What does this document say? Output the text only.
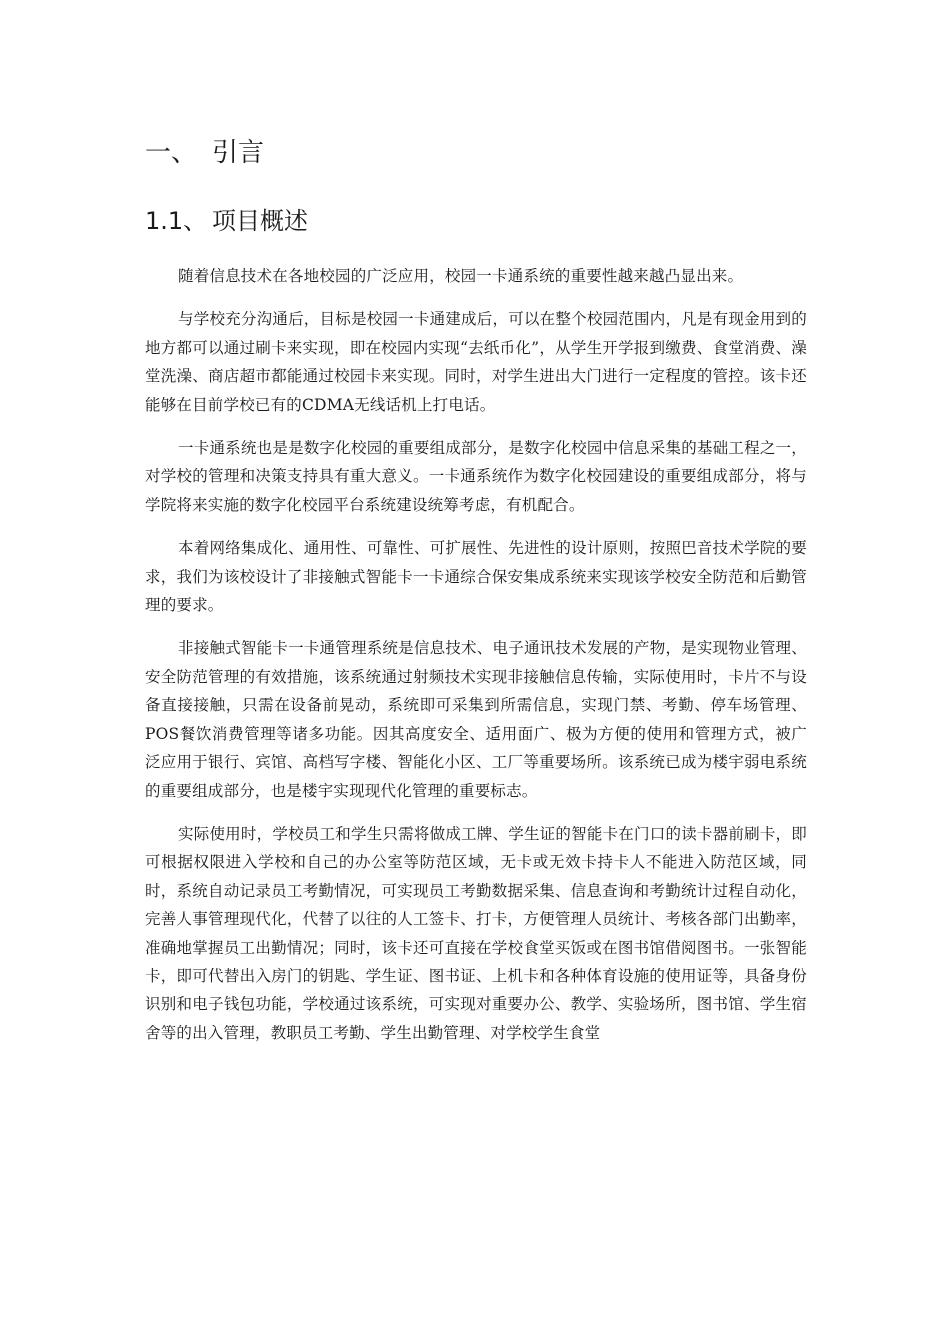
一、 引言
1.1、 项目概述

随着信息技术在各地校园的广泛应用，校园一卡通系统的重要性越来越凸显出来。

与学校充分沟通后，目标是校园一卡通建成后，可以在整个校园范围内，凡是有现金用到的地方都可以通过刷卡来实现，即在校园内实现“去纸币化”，从学生开学报到缴费、食堂消费、澡堂洗澡、商店超市都能通过校园卡来实现。同时，对学生进出大门进行一定程度的管控。该卡还能够在目前学校已有的CDMA无线话机上打电话。

一卡通系统也是是数字化校园的重要组成部分，是数字化校园中信息采集的基础工程之一，对学校的管理和决策支持具有重大意义。一卡通系统作为数字化校园建设的重要组成部分，将与学院将来实施的数字化校园平台系统建设统筹考虑，有机配合。

本着网络集成化、通用性、可靠性、可扩展性、先进性的设计原则，按照巴音技术学院的要求，我们为该校设计了非接触式智能卡一卡通综合保安集成系统来实现该学校安全防范和后勤管理的要求。

非接触式智能卡一卡通管理系统是信息技术、电子通讯技术发展的产物，是实现物业管理、安全防范管理的有效措施，该系统通过射频技术实现非接触信息传输，实际使用时，卡片不与设备直接接触，只需在设备前晃动，系统即可采集到所需信息，实现门禁、考勤、停车场管理、POS餐饮消费管理等诸多功能。因其高度安全、适用面广、极为方便的使用和管理方式，被广泛应用于银行、宾馆、高档写字楼、智能化小区、工厂等重要场所。该系统已成为楼宇弱电系统的重要组成部分，也是楼宇实现现代化管理的重要标志。

实际使用时，学校员工和学生只需将做成工牌、学生证的智能卡在门口的读卡器前刷卡，即可根据权限进入学校和自己的办公室等防范区域，无卡或无效卡持卡人不能进入防范区域，同时，系统自动记录员工考勤情况，可实现员工考勤数据采集、信息查询和考勤统计过程自动化，完善人事管理现代化，代替了以往的人工签卡、打卡，方便管理人员统计、考核各部门出勤率，准确地掌握员工出勤情况；同时，该卡还可直接在学校食堂买饭或在图书馆借阅图书。一张智能卡，即可代替出入房门的钥匙、学生证、图书证、上机卡和各种体育设施的使用证等，具备身份识别和电子钱包功能，学校通过该系统，可实现对重要办公、教学、实验场所，图书馆、学生宿舍等的出入管理，教职员工考勤、学生出勤管理、对学校学生食堂
